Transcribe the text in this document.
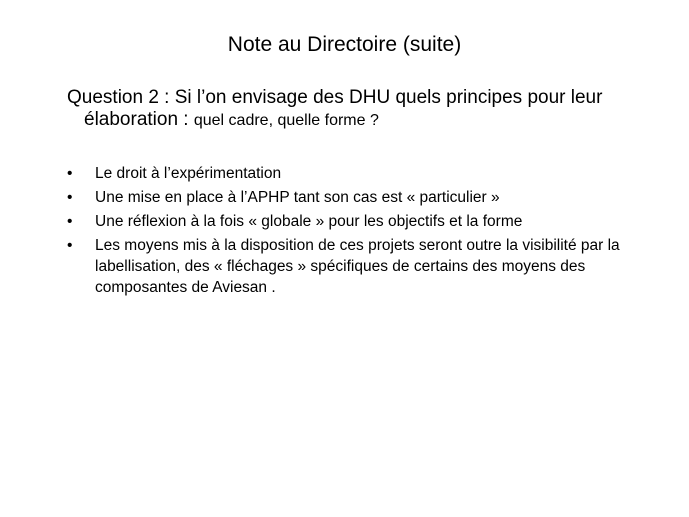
Note au Directoire (suite)
Question 2 : Si l’on envisage des DHU quels principes pour leur
élaboration : quel cadre, quelle forme ?
• Le droit à l’expérimentation
• Une mise en place à l’APHP tant son cas est « particulier »
• Une réflexion à la fois « globale » pour les objectifs et la forme
• Les moyens mis à la disposition de ces projets seront outre la visibilité par la labellisation, des « fléchages » spécifiques de certains des moyens des composantes de Aviesan .
